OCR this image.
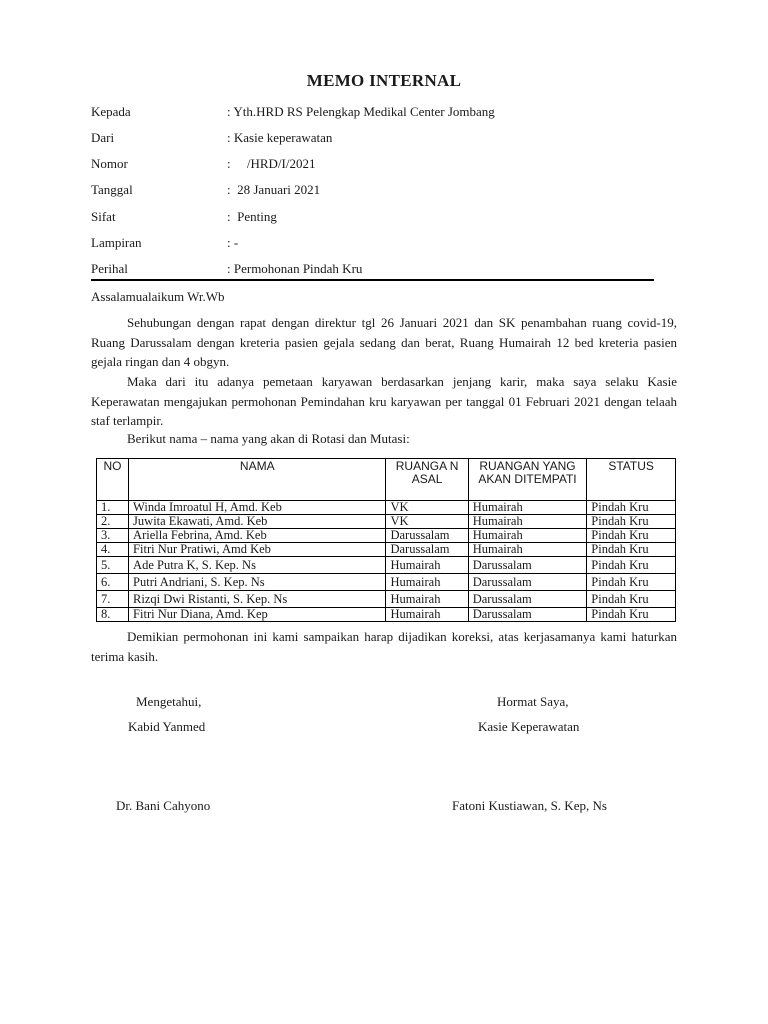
MEMO INTERNAL
Kepada	: Yth.HRD RS Pelengkap Medikal Center Jombang
Dari	: Kasie keperawatan
Nomor	:     /HRD/I/2021
Tanggal	:  28 Januari 2021
Sifat	:  Penting
Lampiran	: -
Perihal	: Permohonan Pindah Kru
Assalamualaikum Wr.Wb
Sehubungan dengan rapat dengan direktur tgl 26 Januari 2021 dan SK penambahan ruang covid-19, Ruang Darussalam dengan kreteria pasien gejala sedang dan berat, Ruang Humairah 12 bed kreteria pasien gejala ringan dan 4 obgyn.
Maka dari itu adanya pemetaan karyawan berdasarkan jenjang karir, maka saya selaku Kasie Keperawatan mengajukan permohonan Pemindahan kru karyawan per tanggal 01 Februari 2021 dengan telaah staf terlampir.
Berikut nama – nama yang akan di Rotasi dan Mutasi:
NO	NAMA	RUANGA N ASAL	RUANGAN YANG AKAN DITEMPATI	STATUS
1.	Winda Imroatul H, Amd. Keb	VK	Humairah	Pindah Kru
2.	Juwita Ekawati, Amd. Keb	VK	Humairah	Pindah Kru
3.	Ariella Febrina, Amd. Keb	Darussalam	Humairah	Pindah Kru
4.	Fitri Nur Pratiwi, Amd Keb	Darussalam	Humairah	Pindah Kru
5.	Ade Putra K, S. Kep. Ns	Humairah	Darussalam	Pindah Kru
6.	Putri Andriani, S. Kep. Ns	Humairah	Darussalam	Pindah Kru
7.	Rizqi Dwi Ristanti, S. Kep. Ns	Humairah	Darussalam	Pindah Kru
8.	Fitri Nur Diana, Amd. Kep	Humairah	Darussalam	Pindah Kru
Demikian permohonan ini kami sampaikan harap dijadikan koreksi, atas kerjasamanya kami haturkan terima kasih.
Mengetahui,
Kabid Yanmed
Dr. Bani Cahyono
Hormat Saya,
Kasie Keperawatan
Fatoni Kustiawan, S. Kep, Ns
